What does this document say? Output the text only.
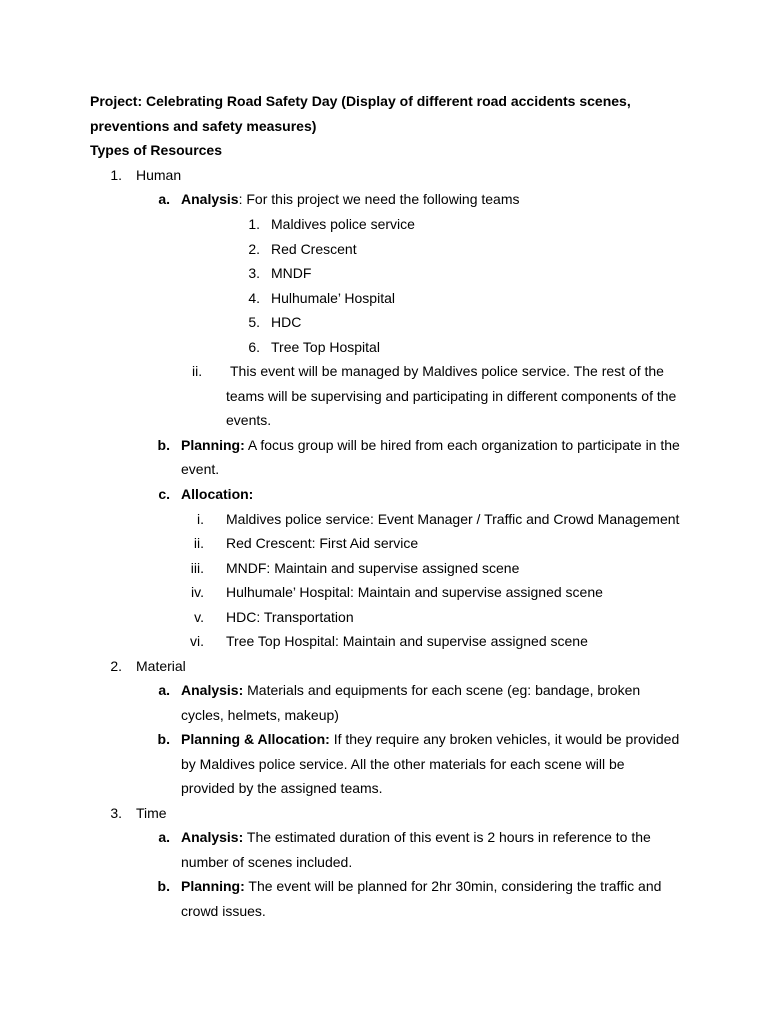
Project: Celebrating Road Safety Day (Display of different road accidents scenes,
preventions and safety measures)
Types of Resources
1. Human
a. Analysis: For this project we need the following teams
1. Maldives police service
2. Red Crescent
3. MNDF
4. Hulhumale’ Hospital
5. HDC
6. Tree Top Hospital
ii. This event will be managed by Maldives police service. The rest of the
teams will be supervising and participating in different components of the
events.
b. Planning: A focus group will be hired from each organization to participate in the
event.
c. Allocation:
i. Maldives police service: Event Manager / Traffic and Crowd Management
ii. Red Crescent: First Aid service
iii. MNDF: Maintain and supervise assigned scene
iv. Hulhumale’ Hospital: Maintain and supervise assigned scene
v. HDC: Transportation
vi. Tree Top Hospital: Maintain and supervise assigned scene
2. Material
a. Analysis: Materials and equipments for each scene (eg: bandage, broken
cycles, helmets, makeup)
b. Planning & Allocation: If they require any broken vehicles, it would be provided
by Maldives police service. All the other materials for each scene will be
provided by the assigned teams.
3. Time
a. Analysis: The estimated duration of this event is 2 hours in reference to the
number of scenes included.
b. Planning: The event will be planned for 2hr 30min, considering the traffic and
crowd issues.
